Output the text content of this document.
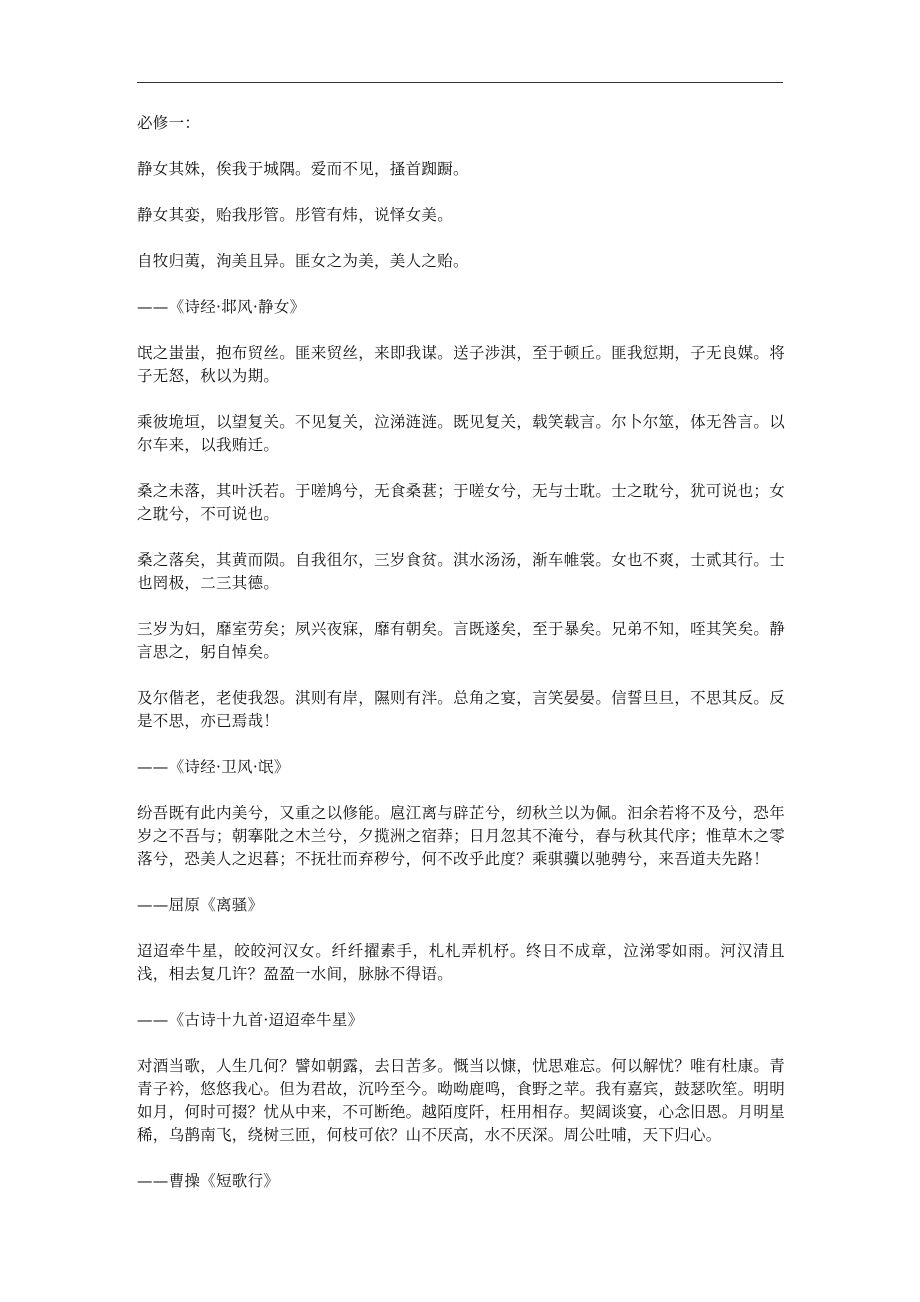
必修一：

静女其姝，俟我于城隅。爱而不见，搔首踟蹰。

静女其娈，贻我彤管。彤管有炜，说怿女美。

自牧归荑，洵美且异。匪女之为美，美人之贻。

——《诗经·邶风·静女》

氓之蚩蚩，抱布贸丝。匪来贸丝，来即我谋。送子涉淇，至于顿丘。匪我愆期，子无良媒。将子无怒，秋以为期。

乘彼垝垣，以望复关。不见复关，泣涕涟涟。既见复关，载笑载言。尔卜尔筮，体无咎言。以尔车来，以我贿迁。

桑之未落，其叶沃若。于嗟鸠兮，无食桑葚；于嗟女兮，无与士耽。士之耽兮，犹可说也；女之耽兮，不可说也。

桑之落矣，其黄而陨。自我徂尔，三岁食贫。淇水汤汤，渐车帷裳。女也不爽，士贰其行。士也罔极，二三其德。

三岁为妇，靡室劳矣；夙兴夜寐，靡有朝矣。言既遂矣，至于暴矣。兄弟不知，咥其笑矣。静言思之，躬自悼矣。

及尔偕老，老使我怨。淇则有岸，隰则有泮。总角之宴，言笑晏晏。信誓旦旦，不思其反。反是不思，亦已焉哉！

——《诗经·卫风·氓》

纷吾既有此内美兮，又重之以修能。扈江离与辟芷兮，纫秋兰以为佩。汩余若将不及兮，恐年岁之不吾与；朝搴阰之木兰兮，夕揽洲之宿莽；日月忽其不淹兮，春与秋其代序；惟草木之零落兮，恐美人之迟暮；不抚壮而弃秽兮，何不改乎此度？乘骐骥以驰骋兮，来吾道夫先路！

——屈原《离骚》

迢迢牵牛星，皎皎河汉女。纤纤擢素手，札札弄机杼。终日不成章，泣涕零如雨。河汉清且浅，相去复几许？盈盈一水间，脉脉不得语。

——《古诗十九首·迢迢牵牛星》

对酒当歌，人生几何？譬如朝露，去日苦多。慨当以慷，忧思难忘。何以解忧？唯有杜康。青青子衿，悠悠我心。但为君故，沉吟至今。呦呦鹿鸣，食野之苹。我有嘉宾，鼓瑟吹笙。明明如月，何时可掇？忧从中来，不可断绝。越陌度阡，枉用相存。契阔谈宴，心念旧恩。月明星稀，乌鹊南飞，绕树三匝，何枝可依？山不厌高，水不厌深。周公吐哺，天下归心。

——曹操《短歌行》
